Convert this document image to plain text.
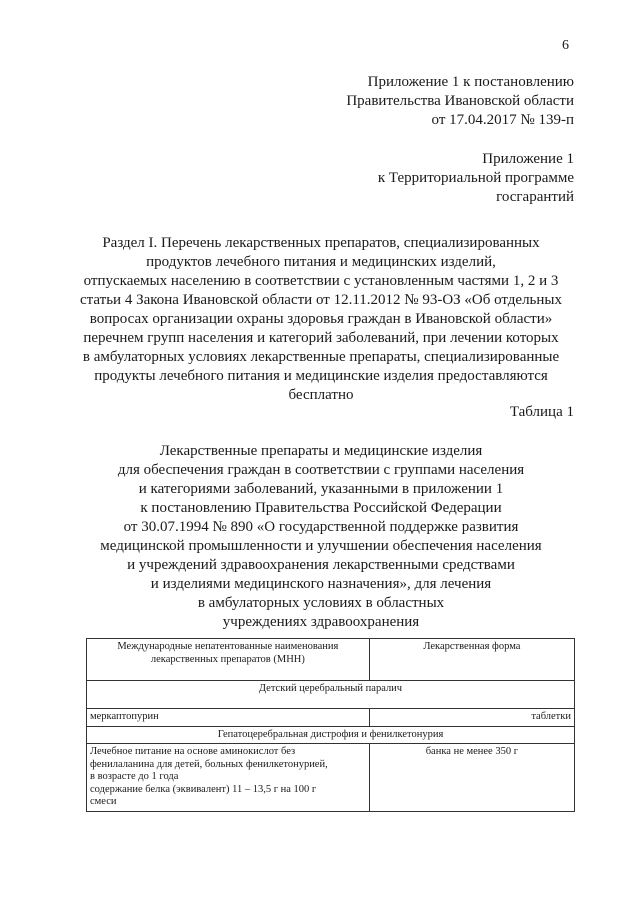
6
Приложение 1 к постановлению
Правительства Ивановской области
от 17.04.2017 № 139-п
Приложение 1
к Территориальной программе
госгарантий
Раздел I. Перечень лекарственных препаратов, специализированных
продуктов лечебного питания и медицинских изделий,
отпускаемых населению в соответствии с установленным частями 1, 2 и 3
статьи 4 Закона Ивановской области от 12.11.2012 № 93-ОЗ «Об отдельных
вопросах организации охраны здоровья граждан в Ивановской области»
перечнем групп населения и категорий заболеваний, при лечении которых
в амбулаторных условиях лекарственные препараты, специализированные
продукты лечебного питания и медицинские изделия предоставляются
бесплатно
Таблица 1
Лекарственные препараты и медицинские изделия
для обеспечения граждан в соответствии с группами населения
и категориями заболеваний, указанными в приложении 1
к постановлению Правительства Российской Федерации
от 30.07.1994 № 890 «О государственной поддержке развития
медицинской промышленности и улучшении обеспечения населения
и учреждений здравоохранения лекарственными средствами
и изделиями медицинского назначения», для лечения
в амбулаторных условиях в областных
учреждениях здравоохранения
Международные непатентованные наименования
лекарственных препаратов (МНН)	Лекарственная форма
Детский церебральный паралич	
меркаптопурин	таблетки
Гепатоцеребральная дистрофия и фенилкетонурия	

Лечебное питание на основе аминокислот без
фенилаланина для детей, больных фенилкетонурией,
в возрасте до 1 года
содержание белка (эквивалент) 11 – 13,5 г на 100 г
смеси	банка не менее 350 г
